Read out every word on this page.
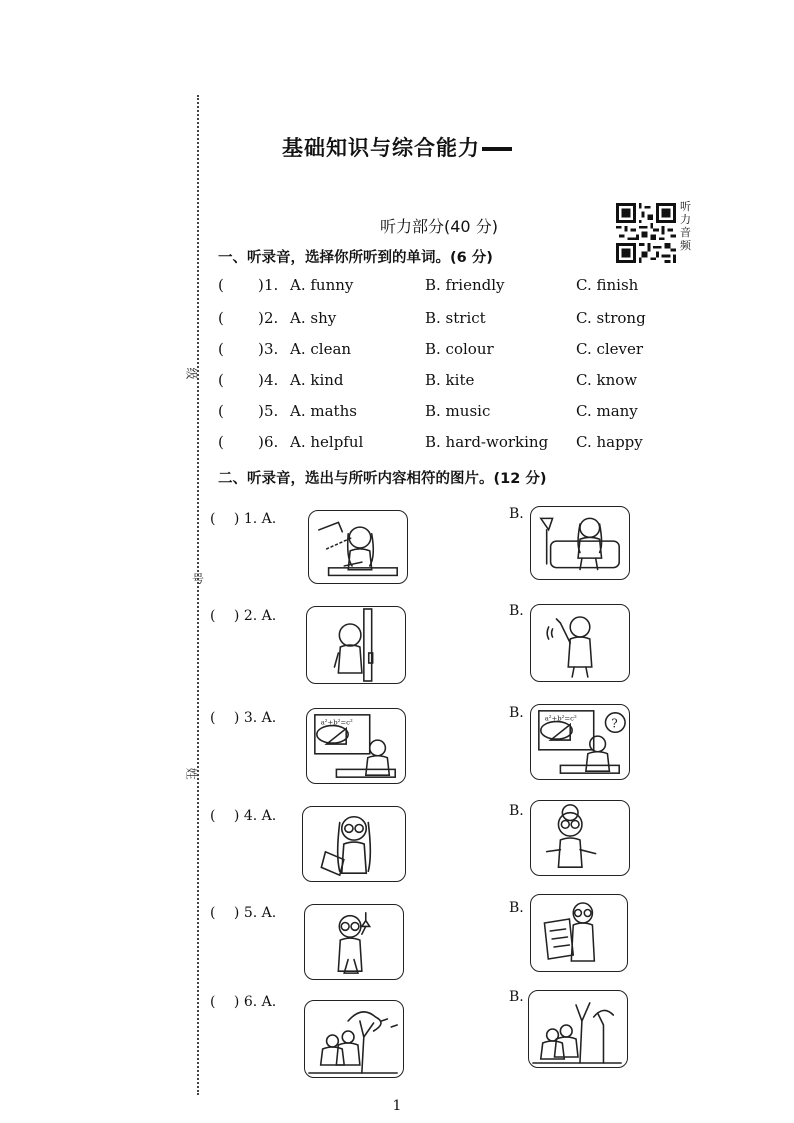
级
号
姓
基础知识与综合能力
听力部分(40 分)
听力音频
一、听录音，选择你所听到的单词。(6 分)
( ) 1. A. funny	B. friendly	C. finish
( ) 2. A. shy	B. strict	C. strong
( ) 3. A. clean	B. colour	C. clever
( ) 4. A. kind	B. kite	C. know
( ) 5. A. maths	B. music	C. many
( ) 6. A. helpful	B. hard-working C. happy
二、听录音，选出与所听内容相符的图片。(12 分)
(　 ) 1. A.	B.
(　 ) 2. A.	B.
(　 ) 3. A.	B.
a²+b²=c²
a²+b²=c²	?
(　 ) 4. A.	B.
(　 ) 5. A.	B.
(　 ) 6. A.	B.
1
